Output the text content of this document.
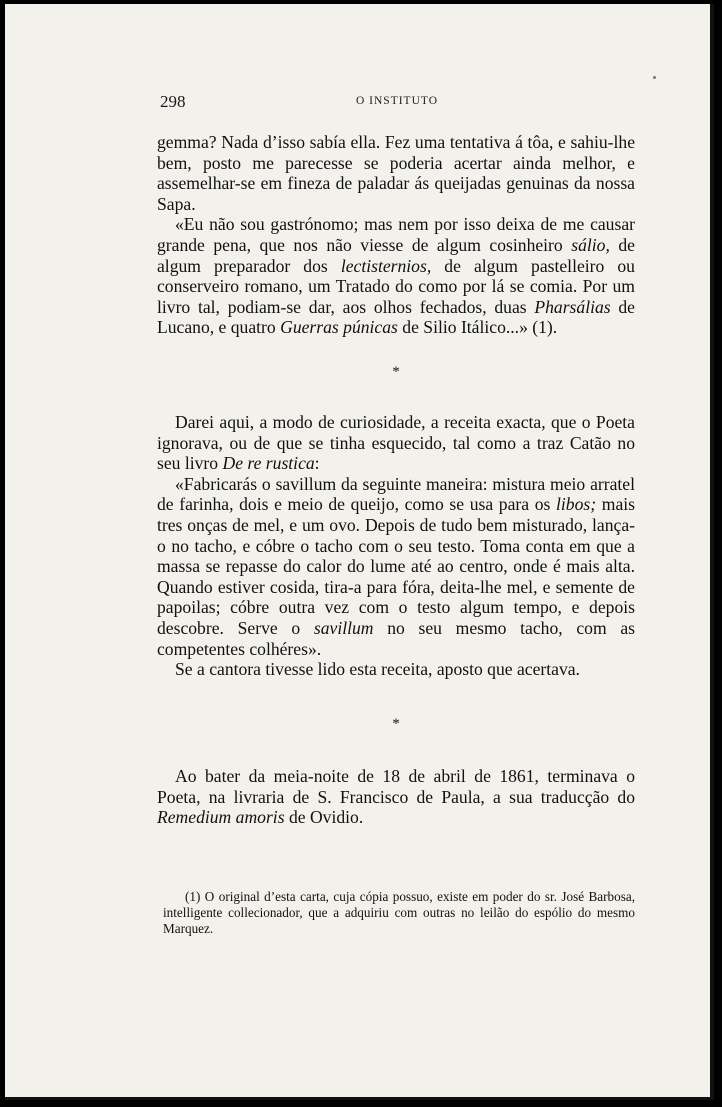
298	O INSTITUTO

gemma? Nada d’isso sabía ella. Fez uma tentativa á tôa, e sahiu-lhe bem, posto me parecesse se poderia acertar ainda melhor, e assemelhar-se em fineza de paladar ás queijadas genuinas da nossa Sapa.

«Eu não sou gastrónomo; mas nem por isso deixa de me causar grande pena, que nos não viesse de algum cosinheiro sálio, de algum preparador dos lectisternios, de algum pastelleiro ou conserveiro romano, um Tratado do como por lá se comia. Por um livro tal, podiam-se dar, aos olhos fechados, duas Pharsálias de Lucano, e quatro Guerras púnicas de Silio Itálico...» (1).

*

Darei aqui, a modo de curiosidade, a receita exacta, que o Poeta ignorava, ou de que se tinha esquecido, tal como a traz Catão no seu livro De re rustica:

«Fabricarás o savillum da seguinte maneira: mistura meio arratel de farinha, dois e meio de queijo, como se usa para os libos; mais tres onças de mel, e um ovo. Depois de tudo bem misturado, lança-o no tacho, e cóbre o tacho com o seu testo. Toma conta em que a massa se repasse do calor do lume até ao centro, onde é mais alta. Quando estiver cosida, tira-a para fóra, deita-lhe mel, e semente de papoilas; cóbre outra vez com o testo algum tempo, e depois descobre. Serve o savillum no seu mesmo tacho, com as competentes colhéres».

Se a cantora tivesse lido esta receita, aposto que acertava.

*

Ao bater da meia-noite de 18 de abril de 1861, terminava o Poeta, na livraria de S. Francisco de Paula, a sua traducção do Remedium amoris de Ovidio.

(1) O original d’esta carta, cuja cópia possuo, existe em poder do sr. José Barbosa, intelligente collecionador, que a adquiriu com outras no leilão do espólio do mesmo Marquez.
